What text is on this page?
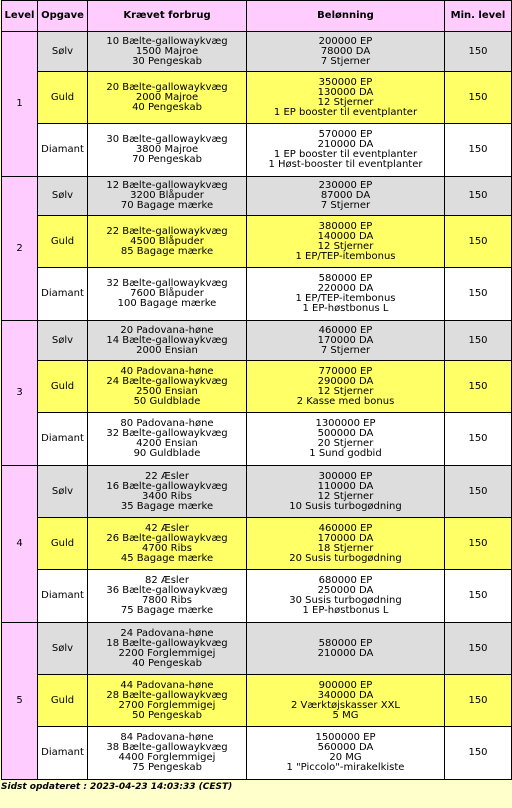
Level	Opgave	Krævet forbrug	Belønning	Min. level
1	Sølv	10 Bælte-gallowaykvæg
1500 Majroe
30 Pengeskab	200000 EP
78000 DA
7 Stjerner	150
	Guld	20 Bælte-gallowaykvæg
2000 Majroe
40 Pengeskab	350000 EP
130000 DA
12 Stjerner
1 EP booster til eventplanter	150
	Diamant	30 Bælte-gallowaykvæg
3800 Majroe
70 Pengeskab	570000 EP
210000 DA
1 EP booster til eventplanter
1 Høst-booster til eventplanter	150
2	Sølv	12 Bælte-gallowaykvæg
3200 Blåpuder
70 Bagage mærke	230000 EP
87000 DA
7 Stjerner	150
	Guld	22 Bælte-gallowaykvæg
4500 Blåpuder
85 Bagage mærke	380000 EP
140000 DA
12 Stjerner
1 EP/TEP-itembonus	150
	Diamant	32 Bælte-gallowaykvæg
7600 Blåpuder
100 Bagage mærke	580000 EP
220000 DA
1 EP/TEP-itembonus
1 EP-høstbonus L	150
3	Sølv	20 Padovana-høne
14 Bælte-gallowaykvæg
2000 Ensian	460000 EP
170000 DA
7 Stjerner	150
	Guld	40 Padovana-høne
24 Bælte-gallowaykvæg
2500 Ensian
50 Guldblade	770000 EP
290000 DA
12 Stjerner
2 Kasse med bonus	150
	Diamant	80 Padovana-høne
32 Bælte-gallowaykvæg
4200 Ensian
90 Guldblade	1300000 EP
500000 DA
20 Stjerner
1 Sund godbid	150
4	Sølv	22 Æsler
16 Bælte-gallowaykvæg
3400 Ribs
35 Bagage mærke	300000 EP
110000 DA
12 Stjerner
10 Susis turbogødning	150
	Guld	42 Æsler
26 Bælte-gallowaykvæg
4700 Ribs
45 Bagage mærke	460000 EP
170000 DA
18 Stjerner
20 Susis turbogødning	150
	Diamant	82 Æsler
36 Bælte-gallowaykvæg
7800 Ribs
75 Bagage mærke	680000 EP
250000 DA
30 Susis turbogødning
1 EP-høstbonus L	150
5	Sølv	24 Padovana-høne
18 Bælte-gallowaykvæg
2200 Forglemmigej
40 Pengeskab	580000 EP
210000 DA	150
	Guld	44 Padovana-høne
28 Bælte-gallowaykvæg
2700 Forglemmigej
50 Pengeskab	900000 EP
340000 DA
2 Værktøjskasser XXL
5 MG	150
	Diamant	84 Padovana-høne
38 Bælte-gallowaykvæg
4400 Forglemmigej
75 Pengeskab	1500000 EP
560000 DA
20 MG
1 "Piccolo"-mirakelkiste	150
Sidst opdateret : 2023-04-23 14:03:33 (CEST)
